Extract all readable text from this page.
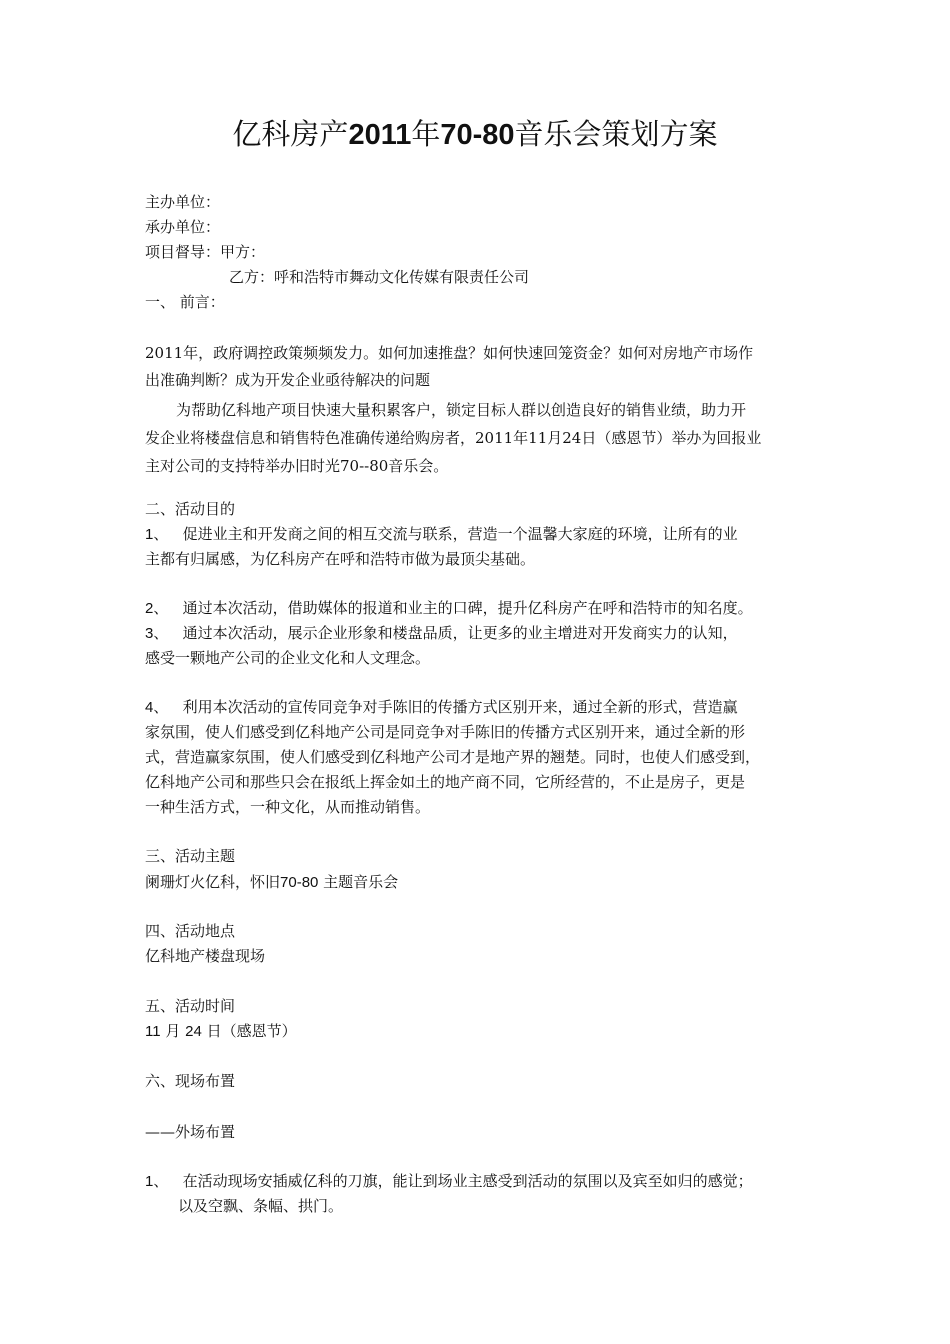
亿科房产2011年70-80音乐会策划方案
主办单位：
承办单位：
项目督导：甲方：
乙方：呼和浩特市舞动文化传媒有限责任公司
一、 前言：
2011年，政府调控政策频频发力。如何加速推盘？如何快速回笼资金？如何对房地产市场作
出准确判断？成为开发企业亟待解决的问题
为帮助亿科地产项目快速大量积累客户，锁定目标人群以创造良好的销售业绩，助力开
发企业将楼盘信息和销售特色准确传递给购房者，2011年11月24日（感恩节）举办为回报业
主对公司的支持特举办旧时光70--80音乐会。
二、活动目的
1、 促进业主和开发商之间的相互交流与联系，营造一个温馨大家庭的环境，让所有的业
主都有归属感，为亿科房产在呼和浩特市做为最顶尖基础。
2、 通过本次活动，借助媒体的报道和业主的口碑，提升亿科房产在呼和浩特市的知名度。
3、 通过本次活动，展示企业形象和楼盘品质，让更多的业主增进对开发商实力的认知，
感受一颗地产公司的企业文化和人文理念。
4、 利用本次活动的宣传同竞争对手陈旧的传播方式区别开来，通过全新的形式，营造赢
家氛围，使人们感受到亿科地产公司是同竞争对手陈旧的传播方式区别开来，通过全新的形
式，营造赢家氛围，使人们感受到亿科地产公司才是地产界的翘楚。同时，也使人们感受到，
亿科地产公司和那些只会在报纸上挥金如土的地产商不同，它所经营的，不止是房子，更是
一种生活方式，一种文化，从而推动销售。
三、活动主题
阑珊灯火亿科，怀旧70-80 主题音乐会
四、活动地点
亿科地产楼盘现场
五、活动时间
11 月 24 日（感恩节）
六、现场布置
——外场布置
1、 在活动现场安插威亿科的刀旗，能让到场业主感受到活动的氛围以及宾至如归的感觉；
以及空飘、条幅、拱门。
